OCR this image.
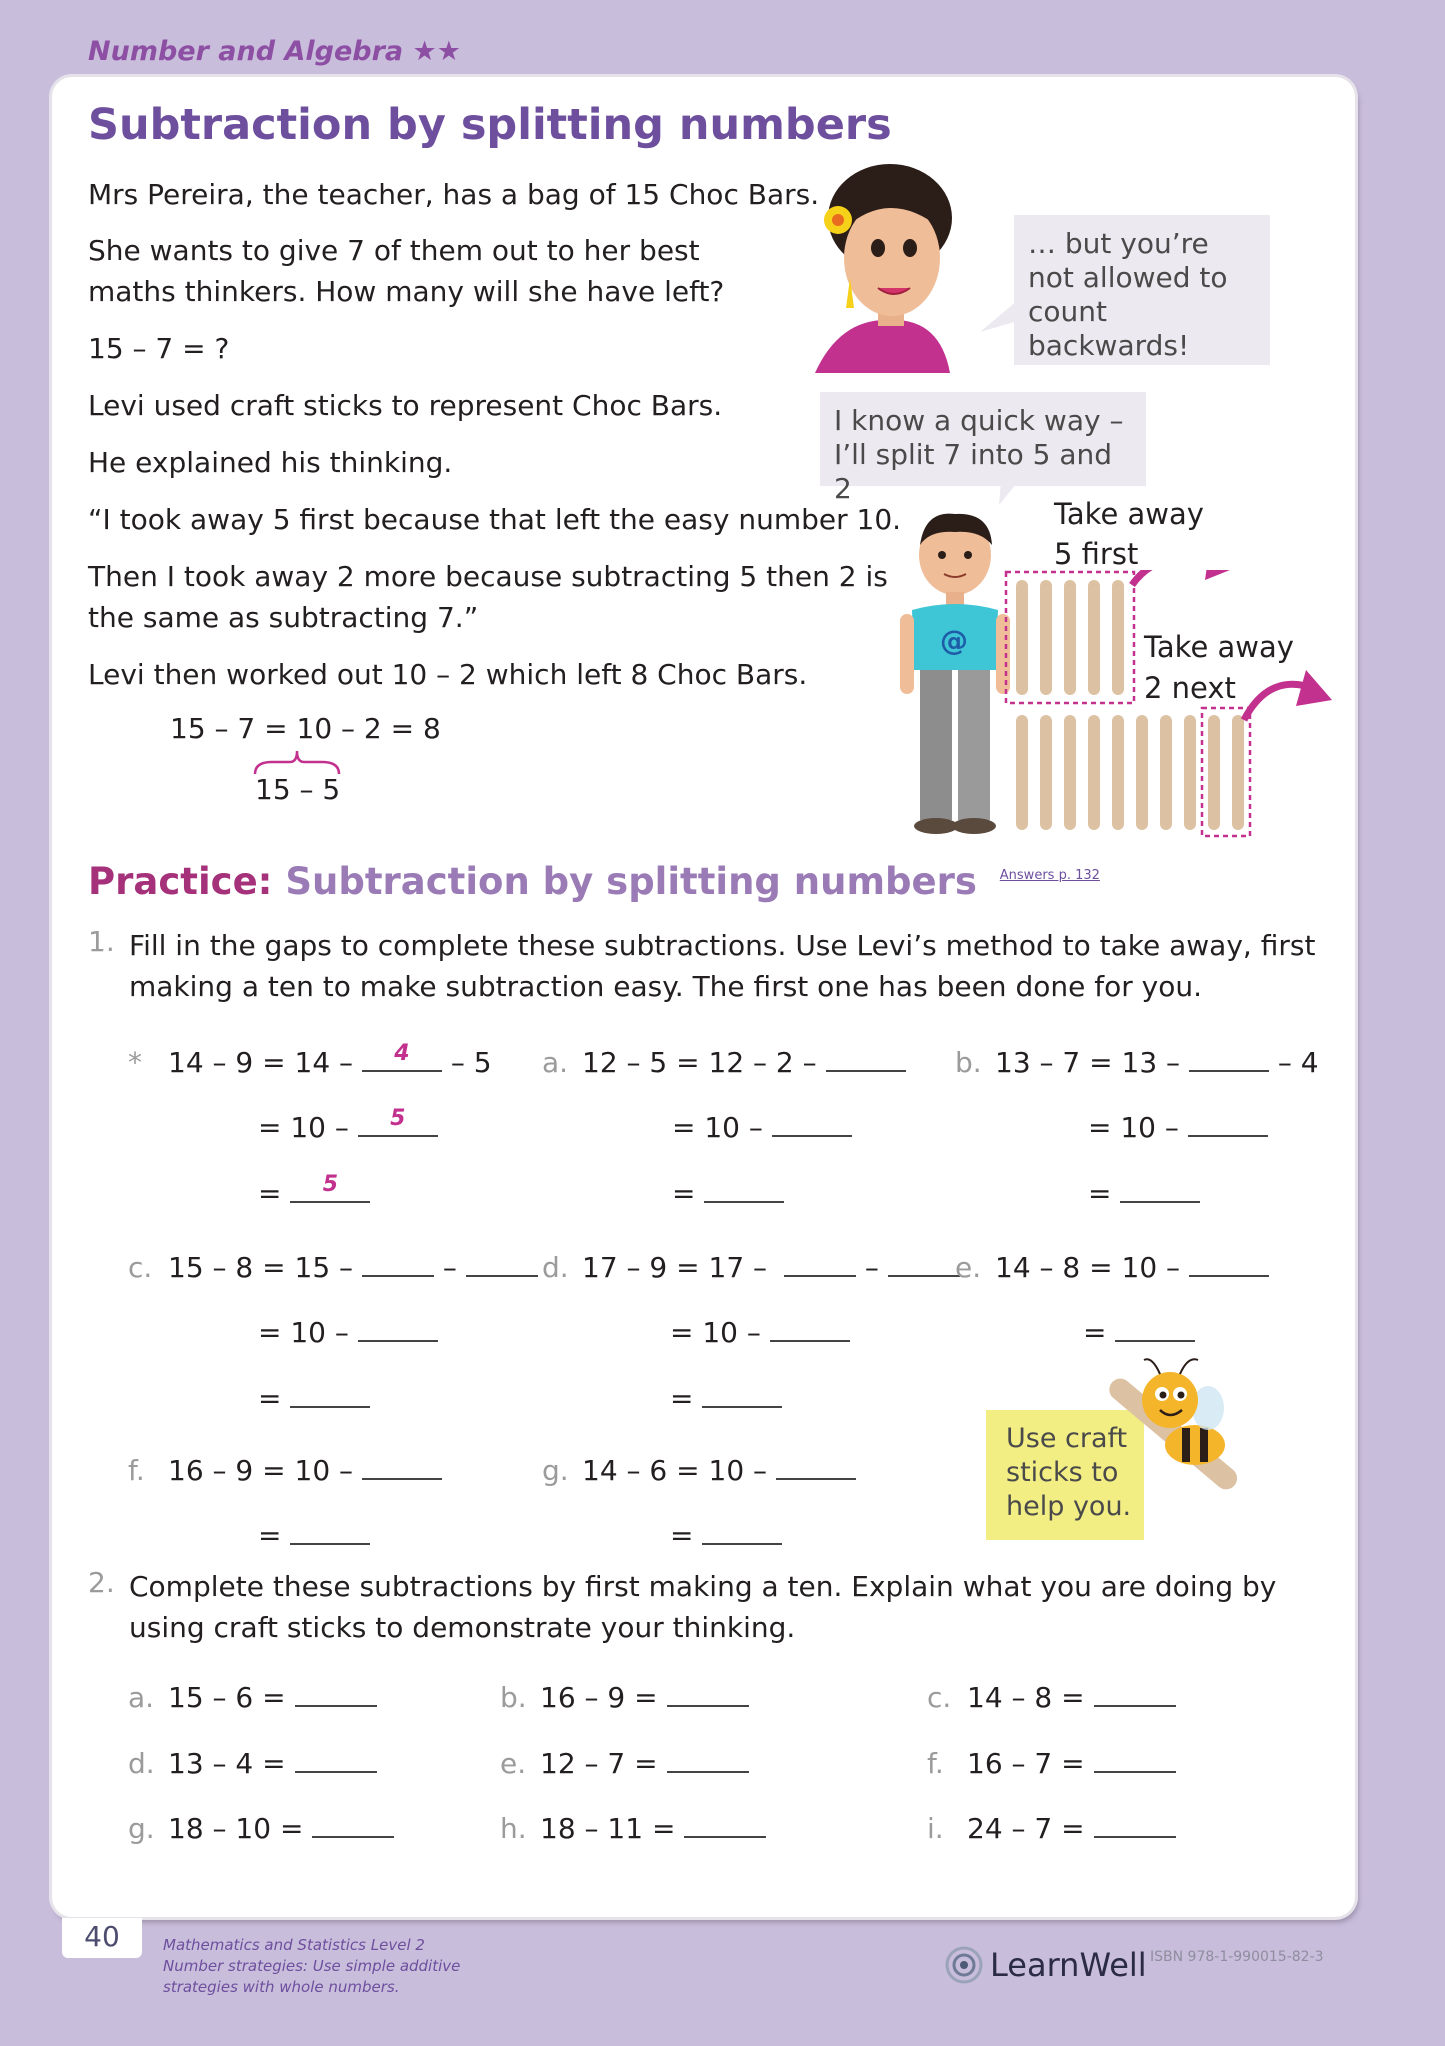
Number and Algebra ★★
Subtraction by splitting numbers
Mrs Pereira, the teacher, has a bag of 15 Choc Bars.
She wants to give 7 of them out to her best
maths thinkers. How many will she have left?
15 – 7 = ?
Levi used craft sticks to represent Choc Bars.
He explained his thinking.
“I took away 5 first because that left the easy number 10.
Then I took away 2 more because subtracting 5 then 2 is
the same as subtracting 7.”
Levi then worked out 10 – 2 which left 8 Choc Bars.
15 – 7 = 10 – 2 = 8
15 – 5
… but you’re not allowed to count backwards!
I know a quick way – I’ll split 7 into 5 and 2
@
Take away
5 first
Take away
2 next
Practice: Subtraction by splitting numbers $^{Answers p. 132}$
1. Fill in the gaps to complete these subtractions. Use Levi’s method to take away, first
making a ten to make subtraction easy. The first one has been done for you.
* 14 – 9 = 14 –	4	– 5
= 10 –	5
=	5
a. 12 – 5 = 12 – 2 –
= 10 –
=
b. 13 – 7 = 13 –	– 4
= 10 –
=
c. 15 – 8 = 15 –	–
= 10 –
=
d. 17 – 9 = 17 –	–
= 10 –
=
e. 14 – 8 = 10 –
=
f. 16 – 9 = 10 –
=
g. 14 – 6 = 10 –
=
Use craft sticks to help you.
2. Complete these subtractions by first making a ten. Explain what you are doing by
using craft sticks to demonstrate your thinking.
a. 15 – 6 =	b. 16 – 9 =	c. 14 – 8 =
d. 13 – 4 =	e. 12 – 7 =	f. 16 – 7 =
g. 18 – 10 =	h. 18 – 11 =	i. 24 – 7 =
40	Mathematics and Statistics Level 2
Number strategies: Use simple additive
strategies with whole numbers.
LearnWell ISBN 978-1-990015-82-3
